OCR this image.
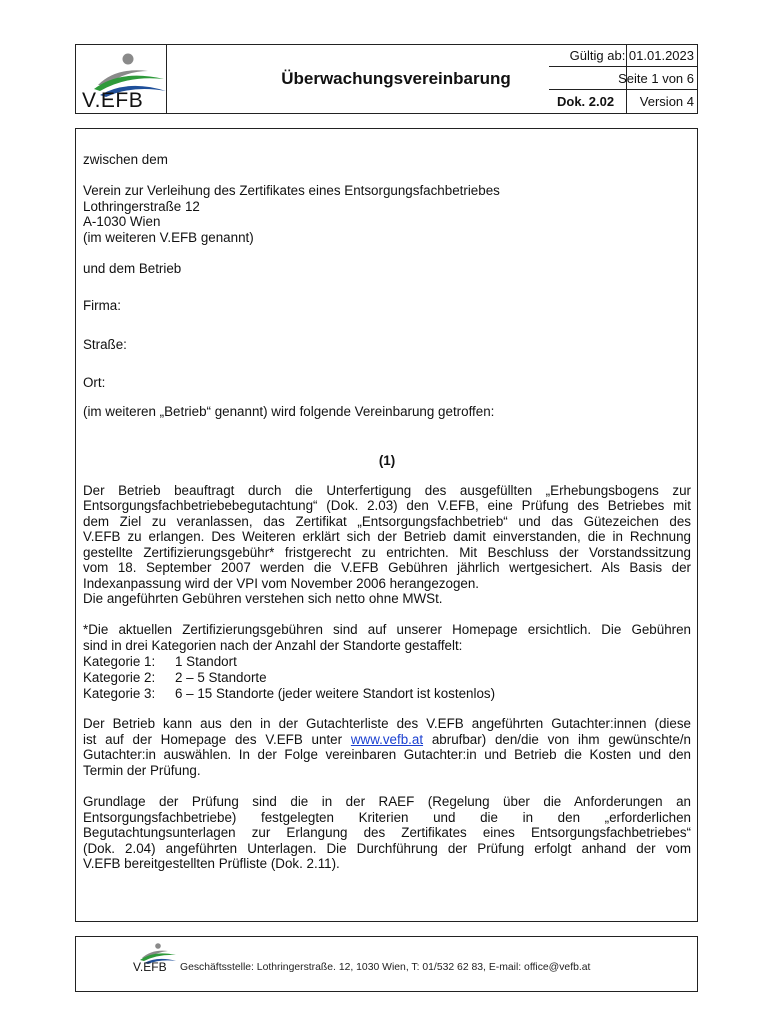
V.EFB
Überwachungsvereinbarung
Gültig ab: 01.01.2023
Seite 1 von 6
Dok. 2.02 Version 4

zwischen dem

Verein zur Verleihung des Zertifikates eines Entsorgungsfachbetriebes

Lothringerstraße 12

A-1030 Wien

(im weiteren V.EFB genannt)

und dem Betrieb

Firma:

Straße:

Ort:

(im weiteren „Betrieb“ genannt) wird folgende Vereinbarung getroffen:

(1)

Der Betrieb beauftragt durch die Unterfertigung des ausgefüllten „Erhebungsbogens zur

Entsorgungsfachbetriebebegutachtung“ (Dok. 2.03) den V.EFB, eine Prüfung des Betriebes mit

dem Ziel zu veranlassen, das Zertifikat „Entsorgungsfachbetrieb“ und das Gütezeichen des

V.EFB zu erlangen. Des Weiteren erklärt sich der Betrieb damit einverstanden, die in Rechnung

gestellte Zertifizierungsgebühr* fristgerecht zu entrichten. Mit Beschluss der Vorstandssitzung

vom 18. September 2007 werden die V.EFB Gebühren jährlich wertgesichert. Als Basis der

Indexanpassung wird der VPI vom November 2006 herangezogen.

Die angeführten Gebühren verstehen sich netto ohne MWSt.

*Die aktuellen Zertifizierungsgebühren sind auf unserer Homepage ersichtlich. Die Gebühren

sind in drei Kategorien nach der Anzahl der Standorte gestaffelt:

Kategorie 1: 1 Standort

Kategorie 2: 2 – 5 Standorte

Kategorie 3: 6 – 15 Standorte (jeder weitere Standort ist kostenlos)

Der Betrieb kann aus den in der Gutachterliste des V.EFB angeführten Gutachter:innen (diese

ist auf der Homepage des V.EFB unter www.vefb.at abrufbar) den/die von ihm gewünschte/n

Gutachter:in auswählen. In der Folge vereinbaren Gutachter:in und Betrieb die Kosten und den

Termin der Prüfung.

Grundlage der Prüfung sind die in der RAEF (Regelung über die Anforderungen an

Entsorgungsfachbetriebe) festgelegten Kriterien und die in den „erforderlichen

Begutachtungsunterlagen zur Erlangung des Zertifikates eines Entsorgungsfachbetriebes“

(Dok. 2.04) angeführten Unterlagen. Die Durchführung der Prüfung erfolgt anhand der vom

V.EFB bereitgestellten Prüfliste (Dok. 2.11).

V.EFB Geschäftsstelle: Lothringerstraße. 12, 1030 Wien, T: 01/532 62 83, E-mail: office@vefb.at
